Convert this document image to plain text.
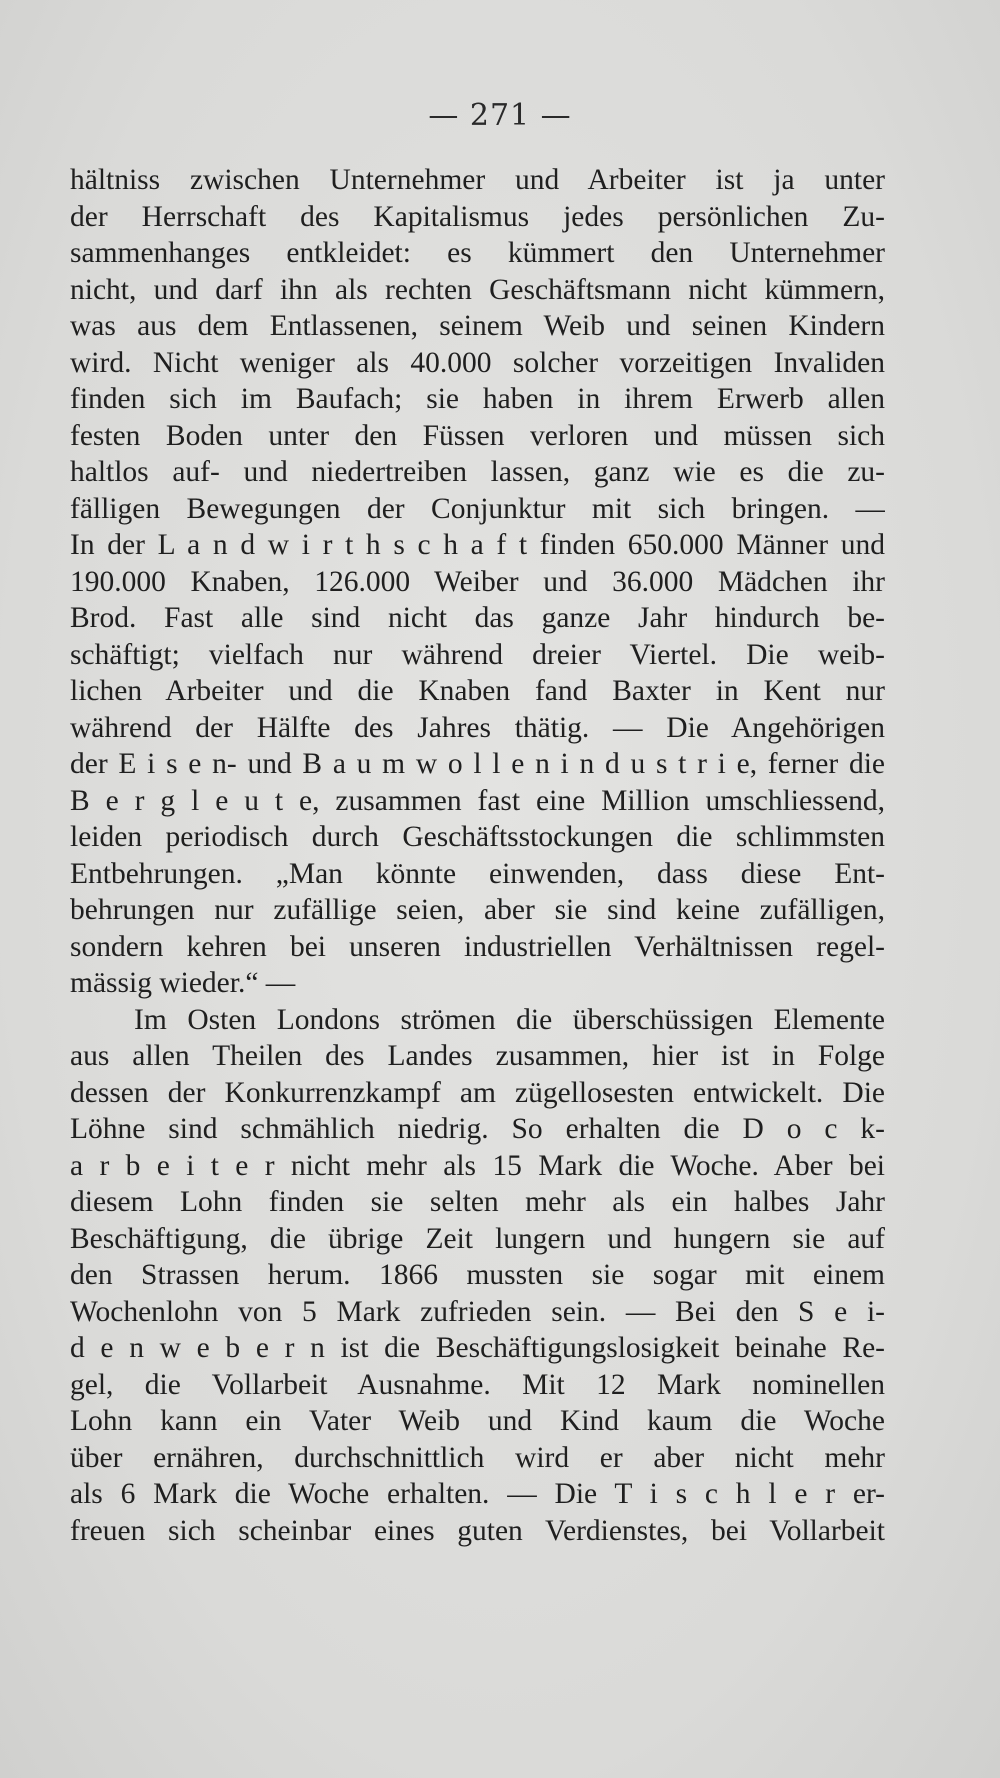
— 271 —
hältniss zwischen Unternehmer und Arbeiter ist ja unter
der Herrschaft des Kapitalismus jedes persönlichen Zu-
sammenhanges entkleidet: es kümmert den Unternehmer
nicht, und darf ihn als rechten Geschäftsmann nicht kümmern,
was aus dem Entlassenen, seinem Weib und seinen Kindern
wird. Nicht weniger als 40.000 solcher vorzeitigen Invaliden
finden sich im Baufach; sie haben in ihrem Erwerb allen
festen Boden unter den Füssen verloren und müssen sich
haltlos auf- und niedertreiben lassen, ganz wie es die zu-
fälligen Bewegungen der Conjunktur mit sich bringen. —
In der L a n d w i r t h s c h a f t finden 650.000 Männer und
190.000 Knaben, 126.000 Weiber und 36.000 Mädchen ihr
Brod. Fast alle sind nicht das ganze Jahr hindurch be-
schäftigt; vielfach nur während dreier Viertel. Die weib-
lichen Arbeiter und die Knaben fand Baxter in Kent nur
während der Hälfte des Jahres thätig. — Die Angehörigen
der E i s e n- und B a u m w o l l e n i n d u s t r i e, ferner die
B e r g l e u t e, zusammen fast eine Million umschliessend,
leiden periodisch durch Geschäftsstockungen die schlimmsten
Entbehrungen. „Man könnte einwenden, dass diese Ent-
behrungen nur zufällige seien, aber sie sind keine zufälligen,
sondern kehren bei unseren industriellen Verhältnissen regel-
mässig wieder.“ —
Im Osten Londons strömen die überschüssigen Elemente
aus allen Theilen des Landes zusammen, hier ist in Folge
dessen der Konkurrenzkampf am zügellosesten entwickelt. Die
Löhne sind schmählich niedrig. So erhalten die D o c k-
a r b e i t e r nicht mehr als 15 Mark die Woche. Aber bei
diesem Lohn finden sie selten mehr als ein halbes Jahr
Beschäftigung, die übrige Zeit lungern und hungern sie auf
den Strassen herum. 1866 mussten sie sogar mit einem
Wochenlohn von 5 Mark zufrieden sein. — Bei den S e i-
d e n w e b e r n ist die Beschäftigungslosigkeit beinahe Re-
gel, die Vollarbeit Ausnahme. Mit 12 Mark nominellen
Lohn kann ein Vater Weib und Kind kaum die Woche
über ernähren, durchschnittlich wird er aber nicht mehr
als 6 Mark die Woche erhalten. — Die T i s c h l e r er-
freuen sich scheinbar eines guten Verdienstes, bei Vollarbeit
